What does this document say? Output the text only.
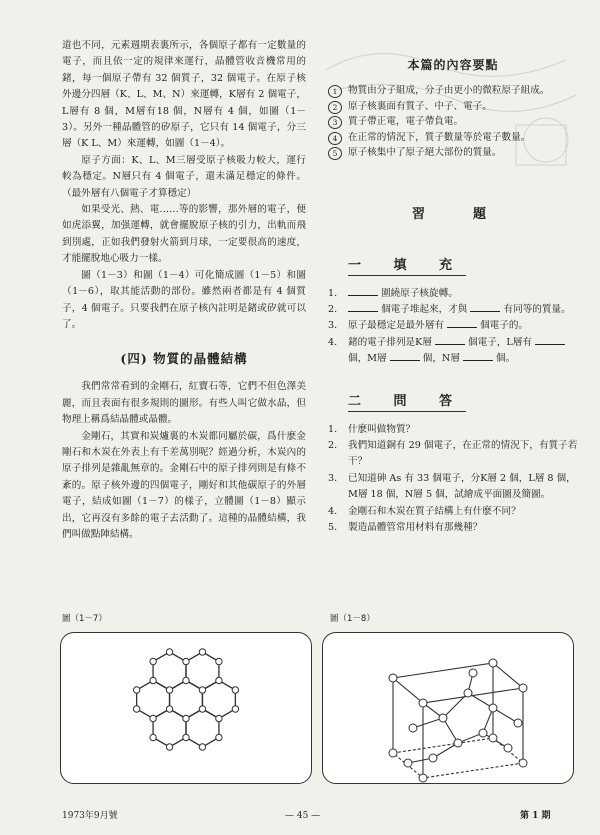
道也不同，元素週期表裏所示，各個原子都有一定數量的電子，而且依一定的規律來運行，晶體管收音機常用的鍺，每一個原子帶有 32 個質子，32 個電子。在原子核外邊分四層（K、L、M、N）來運轉，K層有 2 個電子，L層有 8 個，M層有18 個，N層有 4 個，如圖（1－3）。另外一種晶體管的矽原子，它只有 14 個電子，分三層（K L、M）來運轉，如圖（1－4）。

原子方面：K、L、M三層受原子核吸力較大，運行較為穩定。N層只有 4 個電子，還未滿足穩定的條件。（最外層有八個電子才算穩定）

如果受光、熱、電……等的影響，那外層的電子，便如虎添翼，加强運轉，就會擺脫原子核的引力，出軌而飛到別處，正如我們發射火箭到月球，一定要很高的速度，才能擺脫地心吸力一樣。

圖（1－3）和圖（1－4）可化簡成圖（1－5）和圖（1－6），取其能活動的部份。雖然兩者都是有 4 個質子，4 個電子。只要我們在原子核內註明是鍺或矽就可以了。

(四) 物質的晶體結構

我們常常看到的金剛石，紅寶石等，它們不但色澤美麗，而且表面有很多規則的圖形。有些人叫它做水晶，但物理上稱爲結晶體或晶體。

金剛石，其實和炭爐裏的木炭都同屬於碳，爲什麽金剛石和木炭在外表上有千差萬別呢？經過分析，木炭內的原子排列是雜亂無章的。金剛石中的原子排列則是有條不紊的。原子核外邊的四個電子，剛好和其他碳原子的外層電子，結成如圖（1－7）的樣子，立體圖（1－8）顯示出，它再沒有多餘的電子去活動了。這種的晶體結構，我們叫做點陣結構。

本篇的內容要點
1	物質由分子組成，分子由更小的微粒原子組成。
2	原子核裏面有質子、中子、電子。
3	質子帶正電，電子帶負電。
4	在正常的情況下，質子數量等於電子數量。
5	原子核集中了原子絕大部份的質量。
習題
一 填 充
1.	圍繞原子核旋轉。
2.	個電子堆起來，才與	有同等的質量。
3.	原子最穩定是最外層有	個電子的。
4.	鍺的電子排列是K層	個電子，L層有  個，M層	個，N層	個。
二 問 答
1.	什麽叫做物質？
2.	我們知道銅有 29 個電子，在正常的情況下，有質子若干？
3.	已知道砷 As 有 33 個電子，分K層 2 個，L層 8 個，M層 18 個，N層 5 個，試繪成平面圖及簡圖。
4.	金剛石和木炭在質子結構上有什麽不同？
5.	製造晶體管常用材料有那幾種？
圖（1－7）	圖（1－8）
1973年9月號	— 45 —	第 1 期
